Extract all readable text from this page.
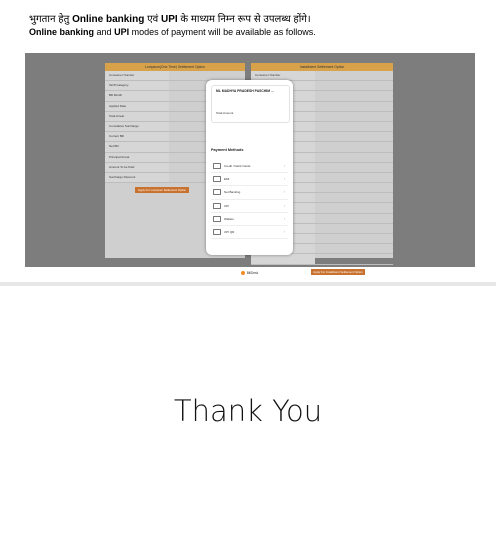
भुगतान हेतु Online banking एवं UPI के माध्यम निम्न रूप से उपलब्ध होंगे।
Online banking and UPI modes of payment will be available as follows.
Lumpsum(One Time) Settlement Option
Consumer Number
Tariff Category
Bill Month
Applied Date
Total Arrear
Cumulative Surcharge
Current Bill
Net Bill
Principal Arrear
Amount To be Paid
Surcharge Discount
Apply For Lumpsum Settlement Option
Installment Settlement Option
Consumer Number
Apply For Installment Settlement Option
ML MADHYA PRADESH PASCHIM ...
Total Amount
Payment Methods
Credit / Debit Cards	›
EMI	›
Net Banking	›
UPI	›
Wallets	›
UPI QR	›
BillDesk
Thank You
